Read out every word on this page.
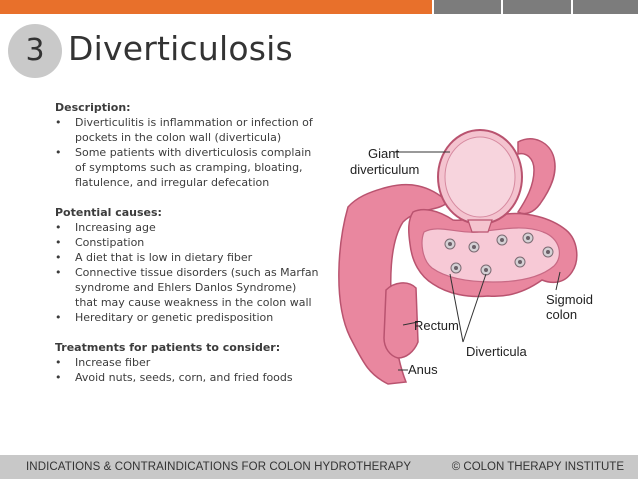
3 Diverticulosis
Description:
• Diverticulitis is inflammation or infection of pockets in the colon wall (diverticula)
• Some patients with diverticulosis complain of symptoms such as cramping, bloating, flatulence, and irregular defecation
Potential causes:
• Increasing age
• Constipation
• A diet that is low in dietary fiber
• Connective tissue disorders (such as Marfan syndrome and Ehlers Danlos Syndrome) that may cause weakness in the colon wall
• Hereditary or genetic predisposition
Treatments for patients to consider:
• Increase fiber
• Avoid nuts, seeds, corn, and fried foods
Giant
diverticulum
Sigmoid
colon
Rectum
Diverticula
Anus
INDICATIONS & CONTRAINDICATIONS FOR COLON HYDROTHERAPY	© COLON THERAPY INSTITUTE
